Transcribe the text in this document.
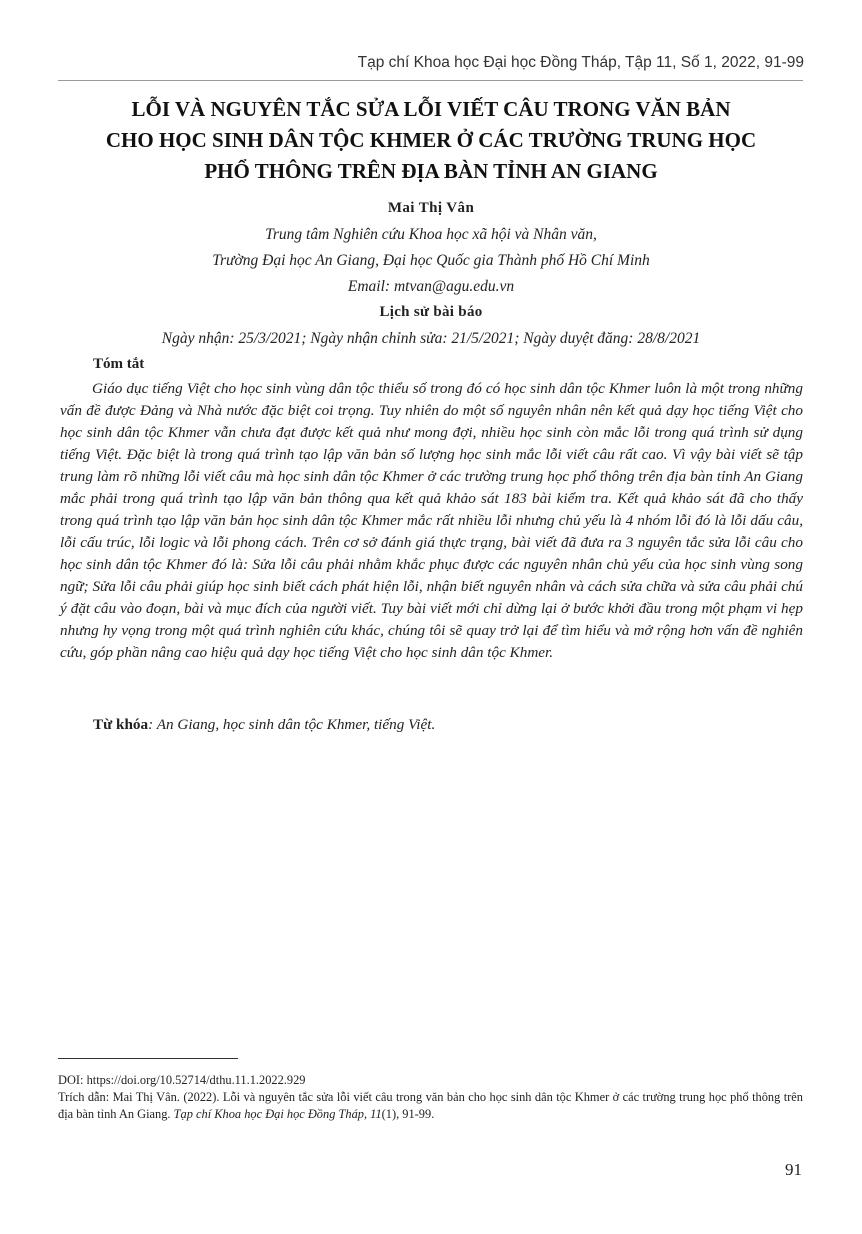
Tạp chí Khoa học Đại học Đồng Tháp, Tập 11, Số 1, 2022, 91-99
LỖI VÀ NGUYÊN TẮC SỬA LỖI VIẾT CÂU TRONG VĂN BẢN
CHO HỌC SINH DÂN TỘC KHMER Ở CÁC TRƯỜNG TRUNG HỌC
PHỔ THÔNG TRÊN ĐỊA BÀN TỈNH AN GIANG
Mai Thị Vân
Trung tâm Nghiên cứu Khoa học xã hội và Nhân văn,
Trường Đại học An Giang, Đại học Quốc gia Thành phố Hồ Chí Minh
Email: mtvan@agu.edu.vn
Lịch sử bài báo
Ngày nhận: 25/3/2021; Ngày nhận chỉnh sửa: 21/5/2021; Ngày duyệt đăng: 28/8/2021
Tóm tắt

Giáo dục tiếng Việt cho học sinh vùng dân tộc thiểu số trong đó có học sinh dân tộc Khmer luôn là một trong những vấn đề được Đảng và Nhà nước đặc biệt coi trọng. Tuy nhiên do một số nguyên nhân nên kết quả dạy học tiếng Việt cho học sinh dân tộc Khmer vẫn chưa đạt được kết quả như mong đợi, nhiều học sinh còn mắc lỗi trong quá trình sử dụng tiếng Việt. Đặc biệt là trong quá trình tạo lập văn bản số lượng học sinh mắc lỗi viết câu rất cao. Vì vậy bài viết sẽ tập trung làm rõ những lỗi viết câu mà học sinh dân tộc Khmer ở các trường trung học phổ thông trên địa bàn tỉnh An Giang mắc phải trong quá trình tạo lập văn bản thông qua kết quả khảo sát 183 bài kiểm tra. Kết quả khảo sát đã cho thấy trong quá trình tạo lập văn bản học sinh dân tộc Khmer mắc rất nhiều lỗi nhưng chủ yếu là 4 nhóm lỗi đó là lỗi dấu câu, lỗi cấu trúc, lỗi logic và lỗi phong cách. Trên cơ sở đánh giá thực trạng, bài viết đã đưa ra 3 nguyên tắc sửa lỗi câu cho học sinh dân tộc Khmer đó là: Sửa lỗi câu phải nhằm khắc phục được các nguyên nhân chủ yếu của học sinh vùng song ngữ; Sửa lỗi câu phải giúp học sinh biết cách phát hiện lỗi, nhận biết nguyên nhân và cách sửa chữa và sửa câu phải chú ý đặt câu vào đoạn, bài và mục đích của người viết. Tuy bài viết mới chỉ dừng lại ở bước khởi đầu trong một phạm vi hẹp nhưng hy vọng trong một quá trình nghiên cứu khác, chúng tôi sẽ quay trở lại để tìm hiểu và mở rộng hơn vấn đề nghiên cứu, góp phần nâng cao hiệu quả dạy học tiếng Việt cho học sinh dân tộc Khmer.

Từ khóa: An Giang, học sinh dân tộc Khmer, tiếng Việt.

DOI: https://doi.org/10.52714/dthu.11.1.2022.929

Trích dẫn: Mai Thị Vân. (2022). Lỗi và nguyên tắc sửa lỗi viết câu trong văn bản cho học sinh dân tộc Khmer ở các trường trung học phổ thông trên địa bàn tỉnh An Giang. Tạp chí Khoa học Đại học Đồng Tháp, 11(1), 91-99.

91
